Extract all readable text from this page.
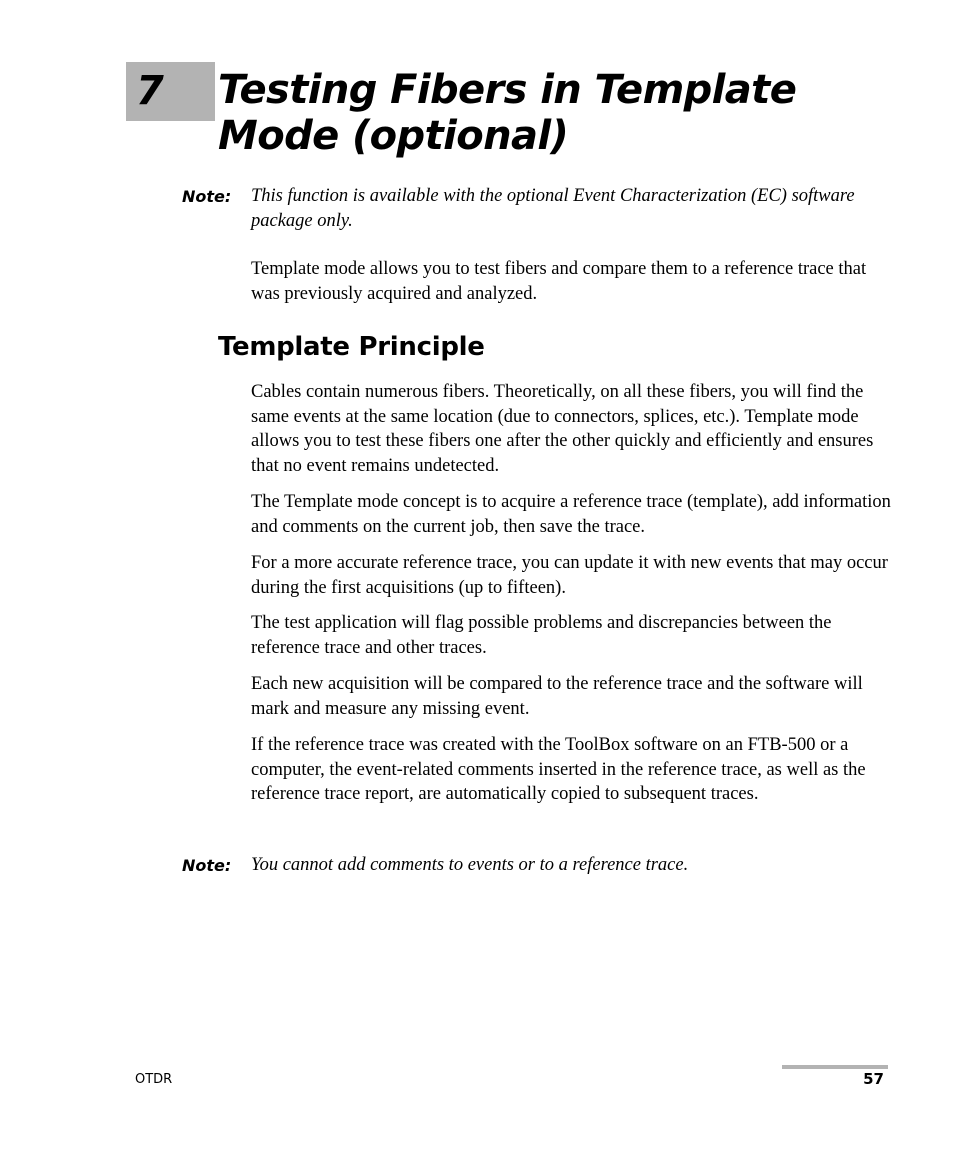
7 Testing Fibers in Template Mode (optional)
Note:	This function is available with the optional Event Characterization (EC) software package only.

Template mode allows you to test fibers and compare them to a reference trace that was previously acquired and analyzed.

Template Principle

Cables contain numerous fibers. Theoretically, on all these fibers, you will find the same events at the same location (due to connectors, splices, etc.). Template mode allows you to test these fibers one after the other quickly and efficiently and ensures that no event remains undetected.

The Template mode concept is to acquire a reference trace (template), add information and comments on the current job, then save the trace.

For a more accurate reference trace, you can update it with new events that may occur during the first acquisitions (up to fifteen).

The test application will flag possible problems and discrepancies between the reference trace and other traces.

Each new acquisition will be compared to the reference trace and the software will mark and measure any missing event.

If the reference trace was created with the ToolBox software on an FTB-500 or a computer, the event-related comments inserted in the reference trace, as well as the reference trace report, are automatically copied to subsequent traces.

Note:	You cannot add comments to events or to a reference trace.
OTDR	57
